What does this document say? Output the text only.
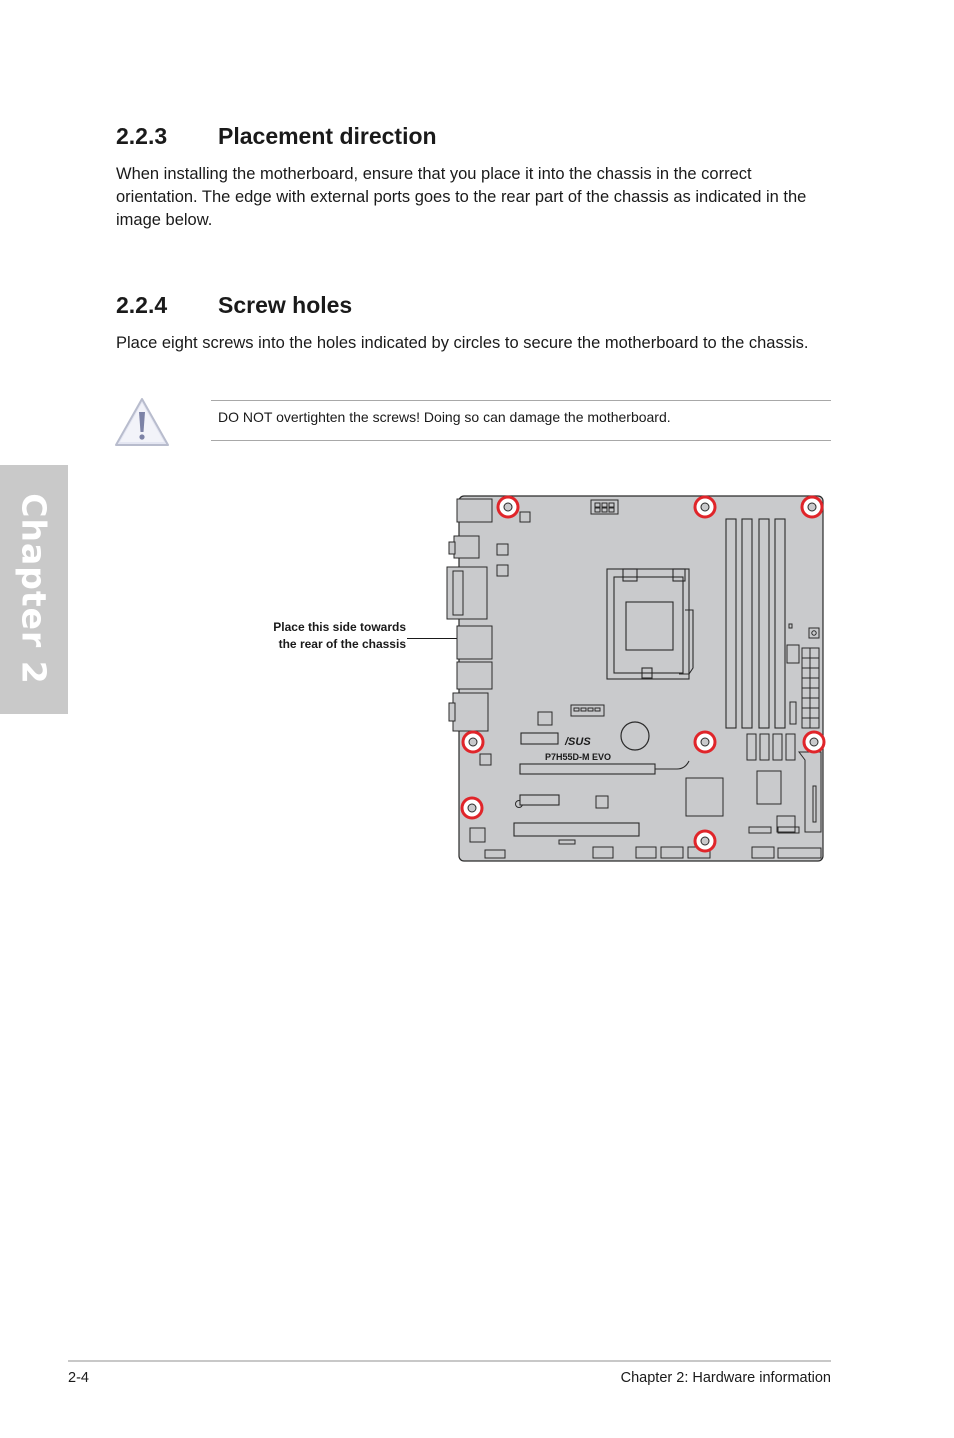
Chapter 2
2.2.3 Placement direction

When installing the motherboard, ensure that you place it into the chassis in the correct orientation. The edge with external ports goes to the rear part of the chassis as indicated in the image below.

2.2.4 Screw holes

Place eight screws into the holes indicated by circles to secure the motherboard to the chassis.

DO NOT overtighten the screws! Doing so can damage the motherboard.
Place this side towards
the rear of the chassis
/SUS
P7H55D-M EVO
2-4	Chapter 2: Hardware information
